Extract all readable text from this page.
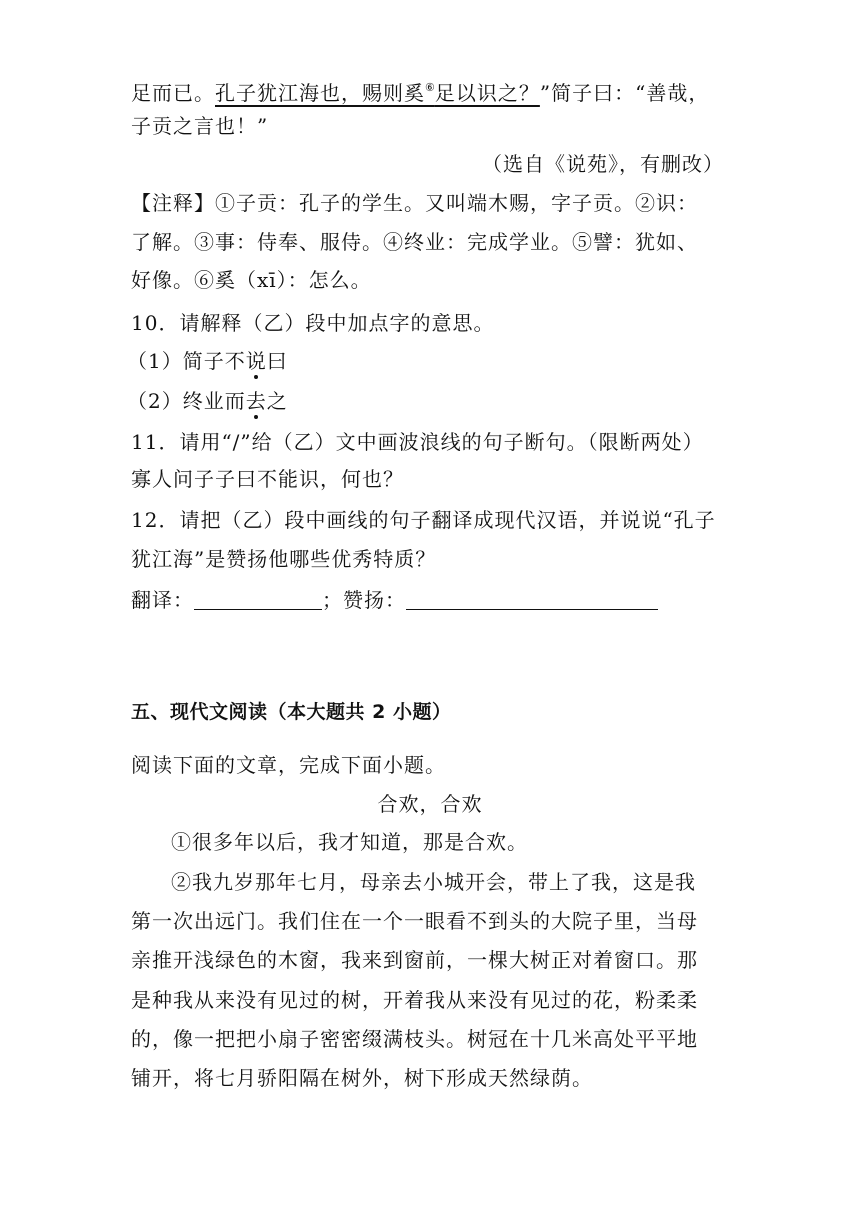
足而已。孔子犹江海也，赐则奚⑥足以识之？”简子曰：“善哉，
子贡之言也！”
（选自《说苑》，有删改）
【注释】①子贡：孔子的学生。又叫端木赐，字子贡。②识：
了解。③事：侍奉、服侍。④终业：完成学业。⑤譬：犹如、
好像。⑥奚（xī）：怎么。
10．请解释（乙）段中加点字的意思。
（1）简子不说曰
（2）终业而去之
11．请用“/”给（乙）文中画波浪线的句子断句。（限断两处）
寡人问子子曰不能识，何也？
12．请把（乙）段中画线的句子翻译成现代汉语，并说说“孔子
犹江海”是赞扬他哪些优秀特质？
翻译：	；赞扬：
五、现代文阅读（本大题共 2 小题）
阅读下面的文章，完成下面小题。
合欢，合欢
①很多年以后，我才知道，那是合欢。
②我九岁那年七月，母亲去小城开会，带上了我，这是我
第一次出远门。我们住在一个一眼看不到头的大院子里，当母
亲推开浅绿色的木窗，我来到窗前，一棵大树正对着窗口。那
是种我从来没有见过的树，开着我从来没有见过的花，粉柔柔
的，像一把把小扇子密密缀满枝头。树冠在十几米高处平平地
铺开，将七月骄阳隔在树外，树下形成天然绿荫。
